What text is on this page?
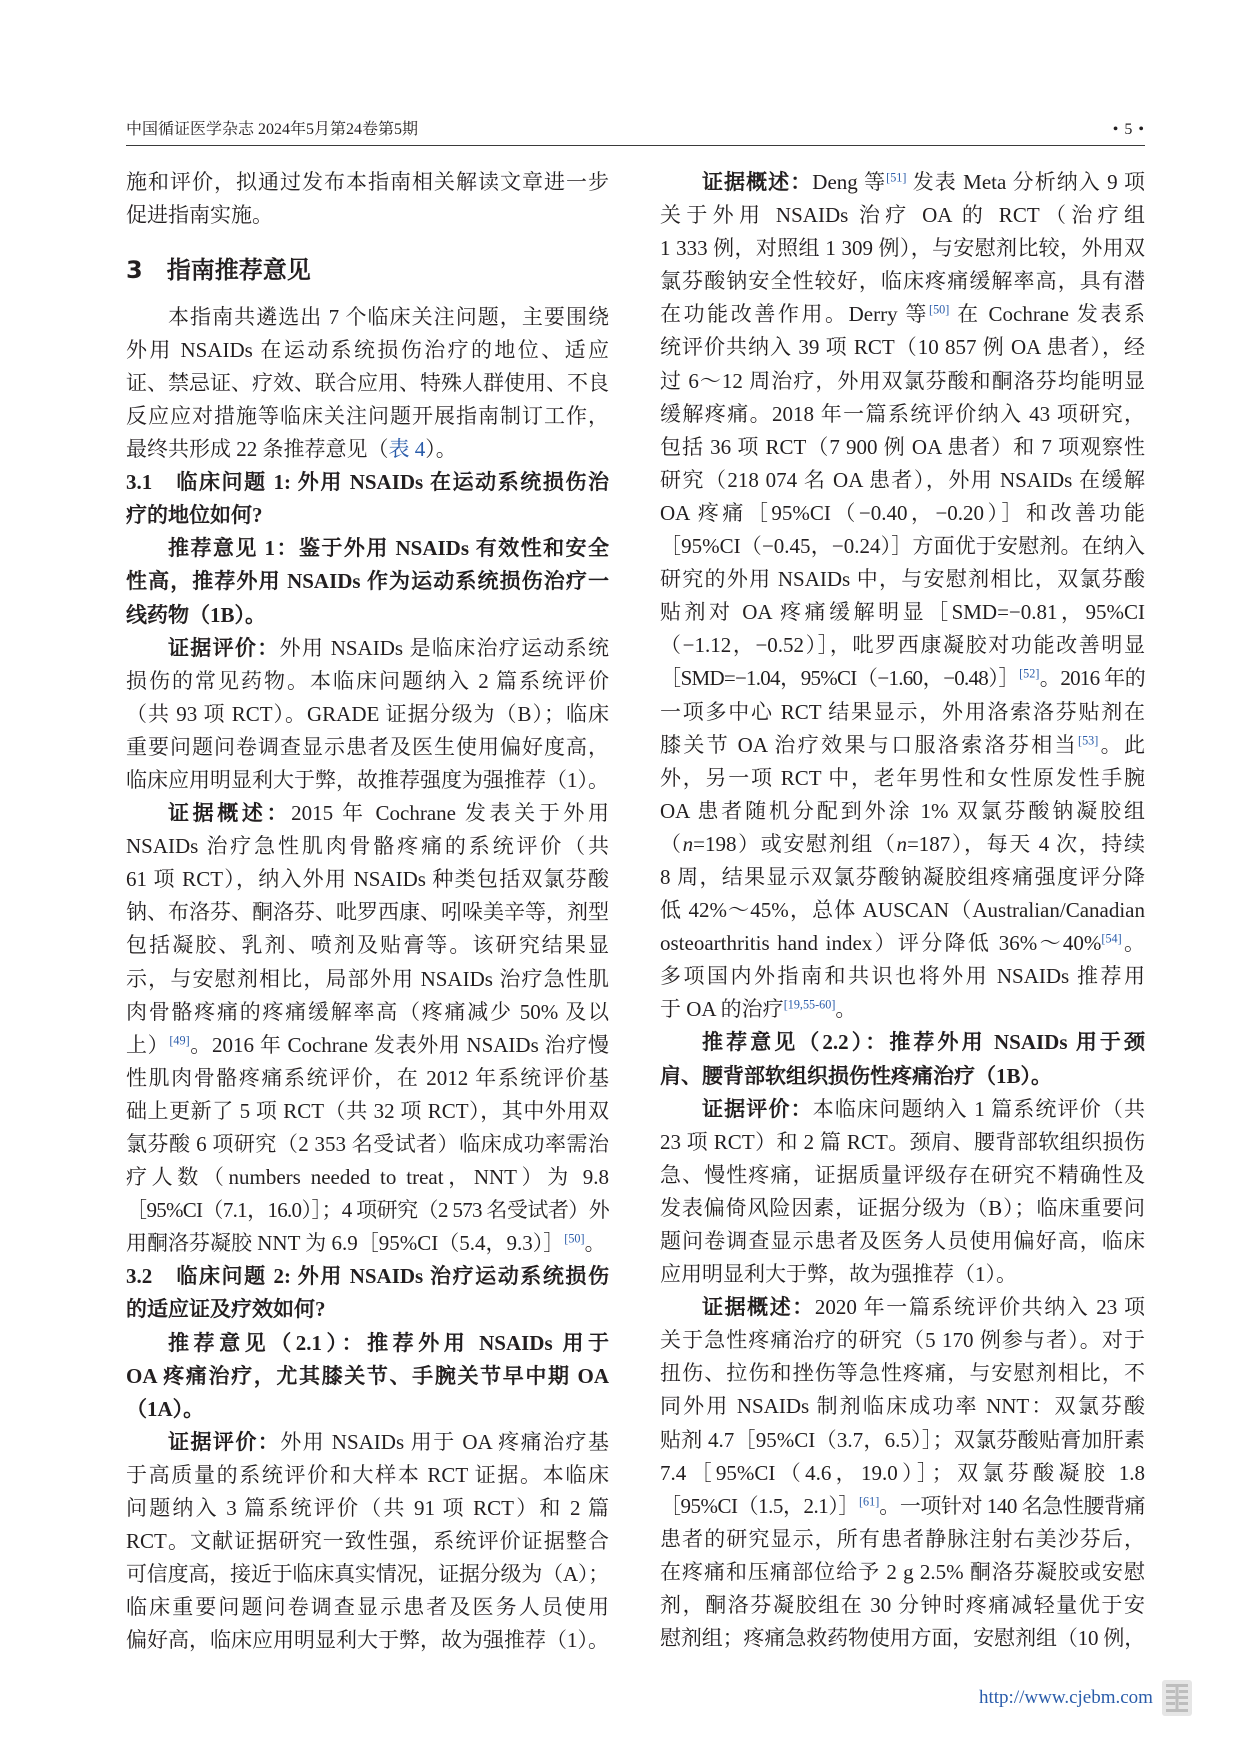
中国循证医学杂志 2024年5月第24卷第5期	• 5 •
施和评价，拟通过发布本指南相关解读文章进一步
促进指南实施。
3　指南推荐意见
本指南共遴选出 7 个临床关注问题，主要围绕
外用 NSAIDs 在运动系统损伤治疗的地位、适应
证、禁忌证、疗效、联合应用、特殊人群使用、不良
反应应对措施等临床关注问题开展指南制订工作，
最终共形成 22 条推荐意见（表 4）。
3.1　临床问题 1: 外用 NSAIDs 在运动系统损伤治
疗的地位如何?
推荐意见 1：鉴于外用 NSAIDs 有效性和安全
性高，推荐外用 NSAIDs 作为运动系统损伤治疗一
线药物（1B）。
证据评价：外用 NSAIDs 是临床治疗运动系统
损伤的常见药物。本临床问题纳入 2 篇系统评价
（共 93 项 RCT）。GRADE 证据分级为（B）；临床
重要问题问卷调查显示患者及医生使用偏好度高，
临床应用明显利大于弊，故推荐强度为强推荐（1）。
证据概述：2015 年 Cochrane 发表关于外用
NSAIDs 治疗急性肌肉骨骼疼痛的系统评价（共
61 项 RCT），纳入外用 NSAIDs 种类包括双氯芬酸
钠、布洛芬、酮洛芬、吡罗西康、吲哚美辛等，剂型
包括凝胶、乳剂、喷剂及贴膏等。该研究结果显
示，与安慰剂相比，局部外用 NSAIDs 治疗急性肌
肉骨骼疼痛的疼痛缓解率高（疼痛减少 50% 及以
上）[49]。2016 年 Cochrane 发表外用 NSAIDs 治疗慢
性肌肉骨骼疼痛系统评价，在 2012 年系统评价基
础上更新了 5 项 RCT（共 32 项 RCT），其中外用双
氯芬酸 6 项研究（2 353 名受试者）临床成功率需治
疗人数（numbers needed to treat，NNT）为 9.8
［95%CI（7.1，16.0）］；4 项研究（2 573 名受试者）外
用酮洛芬凝胶 NNT 为 6.9［95%CI（5.4，9.3）］[50]。
3.2　临床问题 2: 外用 NSAIDs 治疗运动系统损伤
的适应证及疗效如何?
推荐意见（2.1）：推荐外用 NSAIDs 用于
OA 疼痛治疗，尤其膝关节、手腕关节早中期 OA
（1A）。
证据评价：外用 NSAIDs 用于 OA 疼痛治疗基
于高质量的系统评价和大样本 RCT 证据。本临床
问题纳入 3 篇系统评价（共 91 项 RCT）和 2 篇
RCT。文献证据研究一致性强，系统评价证据整合
可信度高，接近于临床真实情况，证据分级为（A）；
临床重要问题问卷调查显示患者及医务人员使用
偏好高，临床应用明显利大于弊，故为强推荐（1）。
证据概述：Deng 等[51] 发表 Meta 分析纳入 9 项
关于外用 NSAIDs 治疗 OA 的 RCT（治疗组
1 333 例，对照组 1 309 例），与安慰剂比较，外用双
氯芬酸钠安全性较好，临床疼痛缓解率高，具有潜
在功能改善作用。Derry 等[50] 在 Cochrane 发表系
统评价共纳入 39 项 RCT（10 857 例 OA 患者），经
过 6～12 周治疗，外用双氯芬酸和酮洛芬均能明显
缓解疼痛。2018 年一篇系统评价纳入 43 项研究，
包括 36 项 RCT（7 900 例 OA 患者）和 7 项观察性
研究（218 074 名 OA 患者），外用 NSAIDs 在缓解
OA 疼痛［95%CI（−0.40，−0.20）］和改善功能
［95%CI（−0.45，−0.24）］方面优于安慰剂。在纳入
研究的外用 NSAIDs 中，与安慰剂相比，双氯芬酸
贴剂对 OA 疼痛缓解明显［SMD=−0.81，95%CI
（−1.12，−0.52）］，吡罗西康凝胶对功能改善明显
［SMD=−1.04，95%CI（−1.60，−0.48）］[52]。2016 年的
一项多中心 RCT 结果显示，外用洛索洛芬贴剂在
膝关节 OA 治疗效果与口服洛索洛芬相当[53]。此
外，另一项 RCT 中，老年男性和女性原发性手腕
OA 患者随机分配到外涂 1% 双氯芬酸钠凝胶组
（n=198）或安慰剂组（n=187），每天 4 次，持续
8 周，结果显示双氯芬酸钠凝胶组疼痛强度评分降
低 42%～45%，总体 AUSCAN（Australian/Canadian
osteoarthritis hand index）评分降低 36%～40%[54]。
多项国内外指南和共识也将外用 NSAIDs 推荐用
于 OA 的治疗[19,55-60]。
推荐意见（2.2）：推荐外用 NSAIDs 用于颈
肩、腰背部软组织损伤性疼痛治疗（1B）。
证据评价：本临床问题纳入 1 篇系统评价（共
23 项 RCT）和 2 篇 RCT。颈肩、腰背部软组织损伤
急、慢性疼痛，证据质量评级存在研究不精确性及
发表偏倚风险因素，证据分级为（B）；临床重要问
题问卷调查显示患者及医务人员使用偏好高，临床
应用明显利大于弊，故为强推荐（1）。
证据概述：2020 年一篇系统评价共纳入 23 项
关于急性疼痛治疗的研究（5 170 例参与者）。对于
扭伤、拉伤和挫伤等急性疼痛，与安慰剂相比，不
同外用 NSAIDs 制剂临床成功率 NNT：双氯芬酸
贴剂 4.7［95%CI（3.7，6.5）］；双氯芬酸贴膏加肝素
7.4［95%CI（4.6，19.0）］；双氯芬酸凝胶 1.8
［95%CI（1.5，2.1）］[61]。一项针对 140 名急性腰背痛
患者的研究显示，所有患者静脉注射右美沙芬后，
在疼痛和压痛部位给予 2 g 2.5% 酮洛芬凝胶或安慰
剂，酮洛芬凝胶组在 30 分钟时疼痛减轻量优于安
慰剂组；疼痛急救药物使用方面，安慰剂组（10 例，
http://www.cjebm.com
